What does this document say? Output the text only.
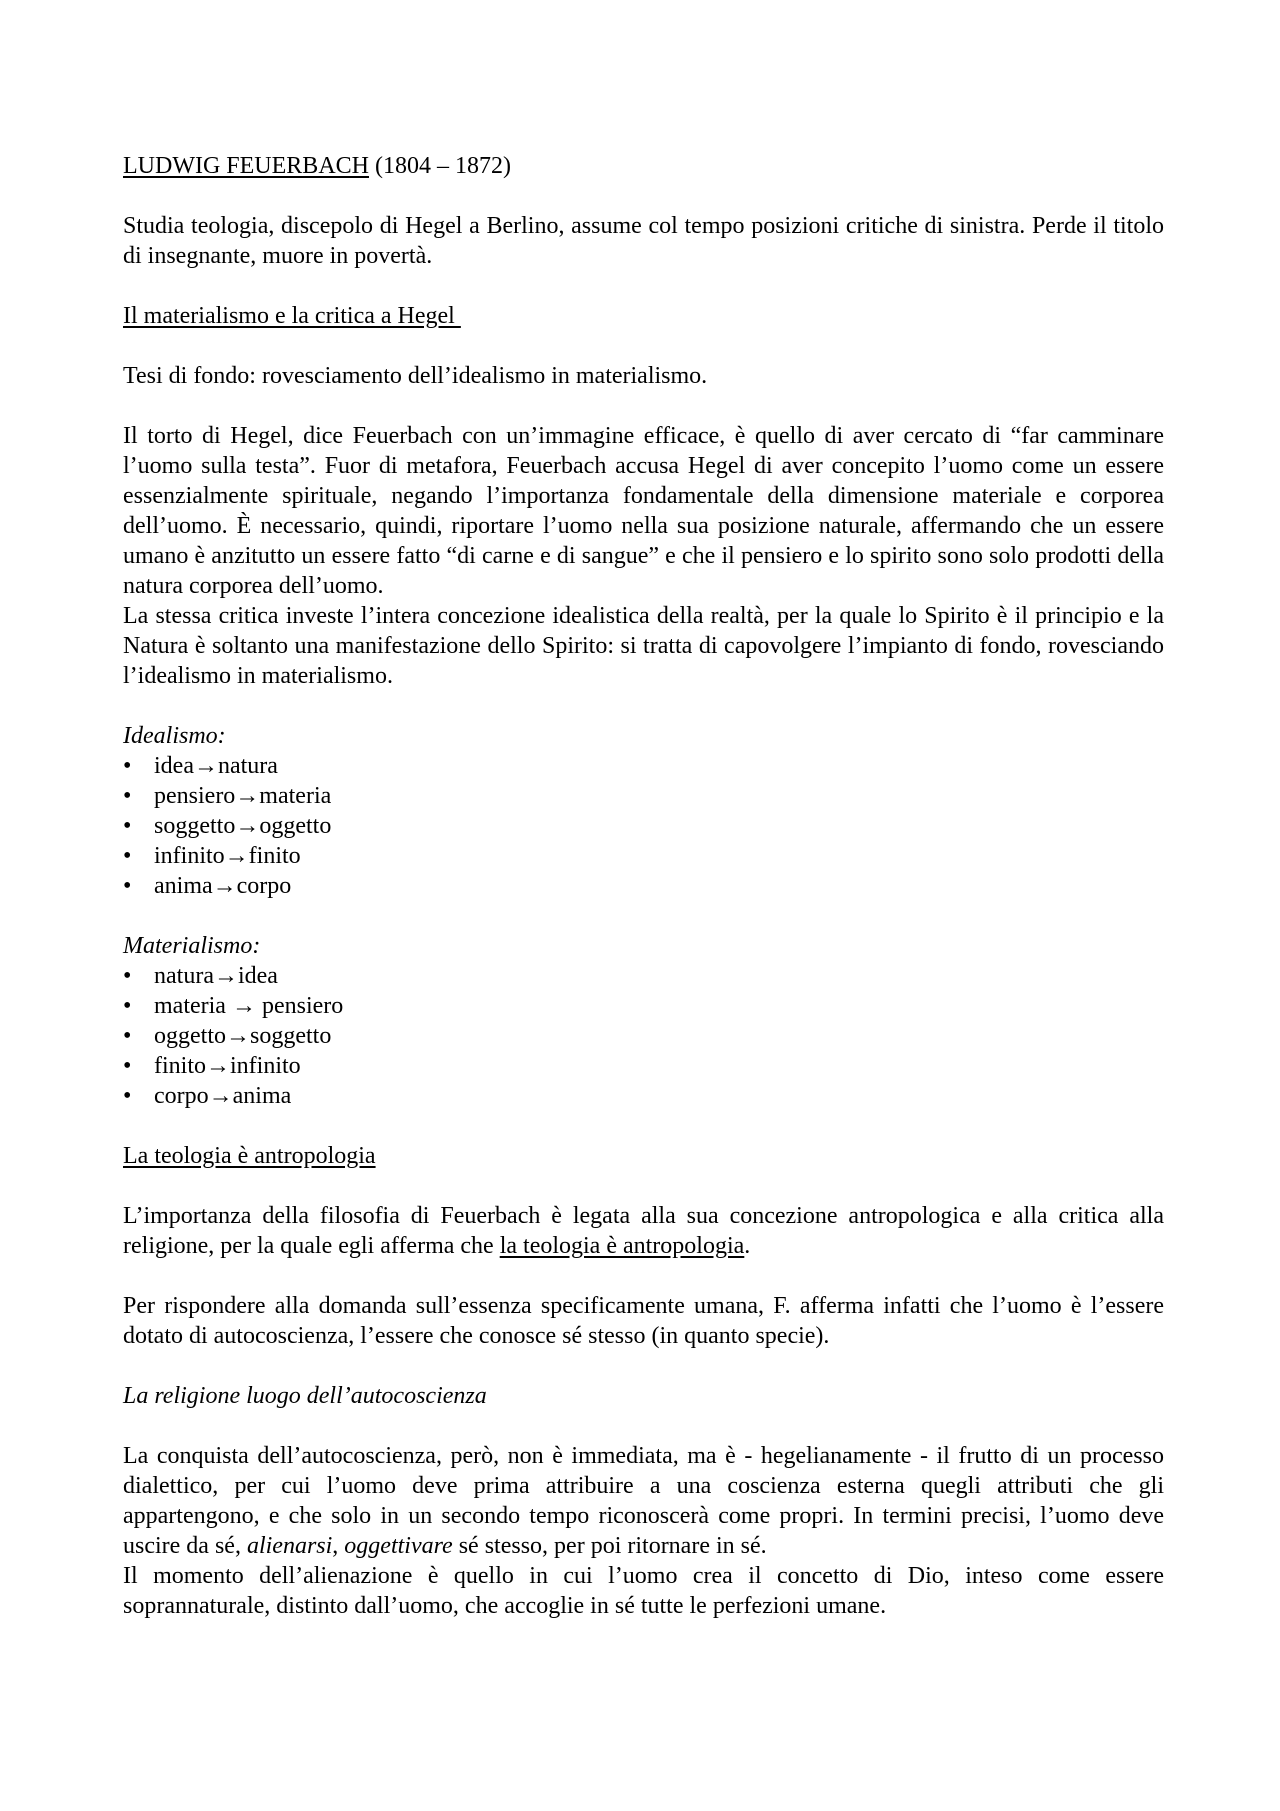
LUDWIG FEUERBACH (1804 – 1872)

Studia teologia, discepolo di Hegel a Berlino, assume col tempo posizioni critiche di sinistra. Perde il titolo di insegnante, muore in povertà.

Il materialismo e la critica a Hegel

Tesi di fondo: rovesciamento dell’idealismo in materialismo.

Il torto di Hegel, dice Feuerbach con un’immagine efficace, è quello di aver cercato di “far camminare l’uomo sulla testa”. Fuor di metafora, Feuerbach accusa Hegel di aver concepito l’uomo come un essere essenzialmente spirituale, negando l’importanza fondamentale della dimensione materiale e corporea dell’uomo. È necessario, quindi, riportare l’uomo nella sua posizione naturale, affermando che un essere umano è anzitutto un essere fatto “di carne e di sangue” e che il pensiero e lo spirito sono solo prodotti della natura corporea dell’uomo.

La stessa critica investe l’intera concezione idealistica della realtà, per la quale lo Spirito è il principio e la Natura è soltanto una manifestazione dello Spirito: si tratta di capovolgere l’impianto di fondo, rovesciando l’idealismo in materialismo.

Idealismo:

• idea→natura
• pensiero→materia
• soggetto→oggetto
• infinito→finito
• anima→corpo

Materialismo:

• natura→idea
• materia → pensiero
• oggetto→soggetto
• finito→infinito
• corpo→anima

La teologia è antropologia

L’importanza della filosofia di Feuerbach è legata alla sua concezione antropologica e alla critica alla religione, per la quale egli afferma che la teologia è antropologia.

Per rispondere alla domanda sull’essenza specificamente umana, F. afferma infatti che l’uomo è l’essere dotato di autocoscienza, l’essere che conosce sé stesso (in quanto specie).

La religione luogo dell’autocoscienza

La conquista dell’autocoscienza, però, non è immediata, ma è - hegelianamente - il frutto di un processo dialettico, per cui l’uomo deve prima attribuire a una coscienza esterna quegli attributi che gli appartengono, e che solo in un secondo tempo riconoscerà come propri. In termini precisi, l’uomo deve uscire da sé, alienarsi, oggettivare sé stesso, per poi ritornare in sé.

Il momento dell’alienazione è quello in cui l’uomo crea il concetto di Dio, inteso come essere soprannaturale, distinto dall’uomo, che accoglie in sé tutte le perfezioni umane.
